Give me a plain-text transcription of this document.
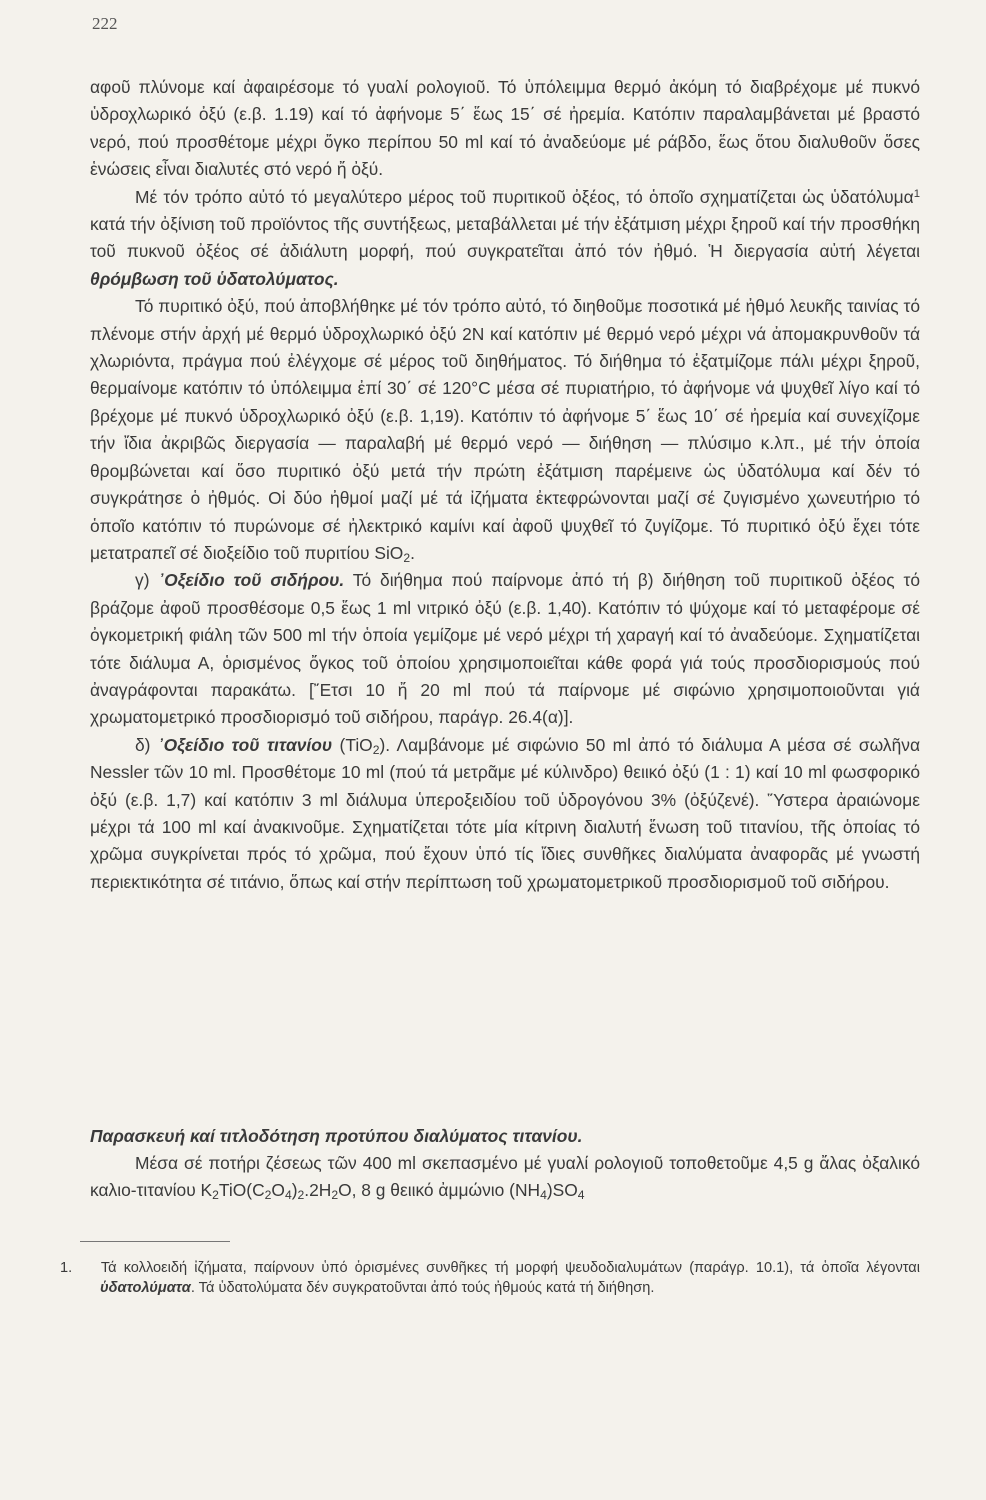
222

αφοῦ πλύνομε καί ἀφαιρέσομε τό γυαλί ρολογιοῦ. Τό ὑπόλειμμα θερμό ἀκόμη τό διαβρέχομε μέ πυκνό ὑδροχλωρικό ὀξύ (ε.β. 1.19) καί τό ἀφήνομε 5΄ ἕως 15΄ σέ ἠρεμία. Κατόπιν παραλαμβάνεται μέ βραστό νερό, πού προσθέτομε μέχρι ὄγκο περίπου 50 ml καί τό ἀναδεύομε μέ ράβδο, ἕως ὅτου διαλυθοῦν ὅσες ἑνώσεις εἶναι διαλυτές στό νερό ἤ ὀξύ.

Μέ τόν τρόπο αὐτό τό μεγαλύτερο μέρος τοῦ πυριτικοῦ ὀξέος, τό ὁποῖο σχηματίζεται ὡς ὑδατόλυμα$^1$ κατά τήν ὀξίνιση τοῦ προϊόντος τῆς συντήξεως, μεταβάλλεται μέ τήν ἐξάτμιση μέχρι ξηροῦ καί τήν προσθήκη τοῦ πυκνοῦ ὀξέος σέ ἀδιάλυτη μορφή, πού συγκρατεῖται ἀπό τόν ἠθμό. Ἡ διεργασία αὐτή λέγεται θρόμβωση τοῦ ὑδατολύματος.

Τό πυριτικό ὀξύ, πού ἀποβλήθηκε μέ τόν τρόπο αὐτό, τό διηθοῦμε ποσοτικά μέ ἠθμό λευκῆς ταινίας τό πλένομε στήν ἀρχή μέ θερμό ὑδροχλωρικό ὀξύ 2N καί κατόπιν μέ θερμό νερό μέχρι νά ἀπομακρυνθοῦν τά χλωριόντα, πράγμα πού ἐλέγχομε σέ μέρος τοῦ διηθήματος. Τό διήθημα τό ἐξατμίζομε πάλι μέχρι ξηροῦ, θερμαίνομε κατόπιν τό ὑπόλειμμα ἐπί 30΄ σέ 120°C μέσα σέ πυριατήριο, τό ἀφήνομε νά ψυχθεῖ λίγο καί τό βρέχομε μέ πυκνό ὑδροχλωρικό ὀξύ (ε.β. 1,19). Κατόπιν τό ἀφήνομε 5΄ ἕως 10΄ σέ ἠρεμία καί συνεχίζομε τήν ἴδια ἀκριβῶς διεργασία — παραλαβή μέ θερμό νερό — διήθηση — πλύσιμο κ.λπ., μέ τήν ὁποία θρομβώνεται καί ὅσο πυριτικό ὀξύ μετά τήν πρώτη ἐξάτμιση παρέμεινε ὡς ὑδατόλυμα καί δέν τό συγκράτησε ὁ ἠθμός. Οἱ δύο ἠθμοί μαζί μέ τά ἰζήματα ἐκτεφρώνονται μαζί σέ ζυγισμένο χωνευτήριο τό ὁποῖο κατόπιν τό πυρώνομε σέ ἠλεκτρικό καμίνι καί ἀφοῦ ψυχθεῖ τό ζυγίζομε. Τό πυριτικό ὀξύ ἔχει τότε μετατραπεῖ σέ διοξείδιο τοῦ πυριτίου SiO$_2$.

γ) ᾿Οξείδιο τοῦ σιδήρου. Τό διήθημα πού παίρνομε ἀπό τή β) διήθηση τοῦ πυριτικοῦ ὀξέος τό βράζομε ἀφοῦ προσθέσομε 0,5 ἕως 1 ml νιτρικό ὀξύ (ε.β. 1,40). Κατόπιν τό ψύχομε καί τό μεταφέρομε σέ ὀγκομετρική φιάλη τῶν 500 ml τήν ὁποία γεμίζομε μέ νερό μέχρι τή χαραγή καί τό ἀναδεύομε. Σχηματίζεται τότε διάλυμα Α, ὁρισμένος ὄγκος τοῦ ὁποίου χρησιμοποιεῖται κάθε φορά γιά τούς προσδιορισμούς πού ἀναγράφονται παρακάτω. [῎Ετσι 10 ἤ 20 ml πού τά παίρνομε μέ σιφώνιο χρησιμοποιοῦνται γιά χρωματομετρικό προσδιορισμό τοῦ σιδήρου, παράγρ. 26.4(α)].

δ) ᾿Οξείδιο τοῦ τιτανίου (TiO$_2$). Λαμβάνομε μέ σιφώνιο 50 ml ἀπό τό διάλυμα Α μέσα σέ σωλῆνα Nessler τῶν 10 ml. Προσθέτομε 10 ml (πού τά μετρᾶμε μέ κύλινδρο) θειικό ὀξύ (1 : 1) καί 10 ml φωσφορικό ὀξύ (ε.β. 1,7) καί κατόπιν 3 ml διάλυμα ὑπεροξειδίου τοῦ ὑδρογόνου 3% (ὀξύζενέ). ῞Υστερα ἀραιώνομε μέχρι τά 100 ml καί ἀνακινοῦμε. Σχηματίζεται τότε μία κίτρινη διαλυτή ἕνωση τοῦ τιτανίου, τῆς ὁποίας τό χρῶμα συγκρίνεται πρός τό χρῶμα, πού ἔχουν ὑπό τίς ἴδιες συνθῆκες διαλύματα ἀναφορᾶς μέ γνωστή περιεκτικότητα σέ τιτάνιο, ὅπως καί στήν περίπτωση τοῦ χρωματομετρικοῦ προσδιορισμοῦ τοῦ σιδήρου.

Παρασκευή καί τιτλοδότηση προτύπου διαλύματος τιτανίου.

Μέσα σέ ποτήρι ζέσεως τῶν 400 ml σκεπασμένο μέ γυαλί ρολογιοῦ τοποθετοῦμε 4,5 g ἄλας ὀξαλικό καλιο-τιτανίου $K_2TiO(C_2O_4)_2.2H_2O$, 8 g θειικό ἀμμώνιο $(NH_4)SO_4$

1. Τά κολλοειδή ἰζήματα, παίρνουν ὑπό ὁρισμένες συνθῆκες τή μορφή ψευδοδιαλυμάτων (παράγρ. 10.1), τά ὁποῖα λέγονται ὑδατολύματα. Τά ὑδατολύματα δέν συγκρατοῦνται ἀπό τούς ἠθμούς κατά τή διήθηση.
